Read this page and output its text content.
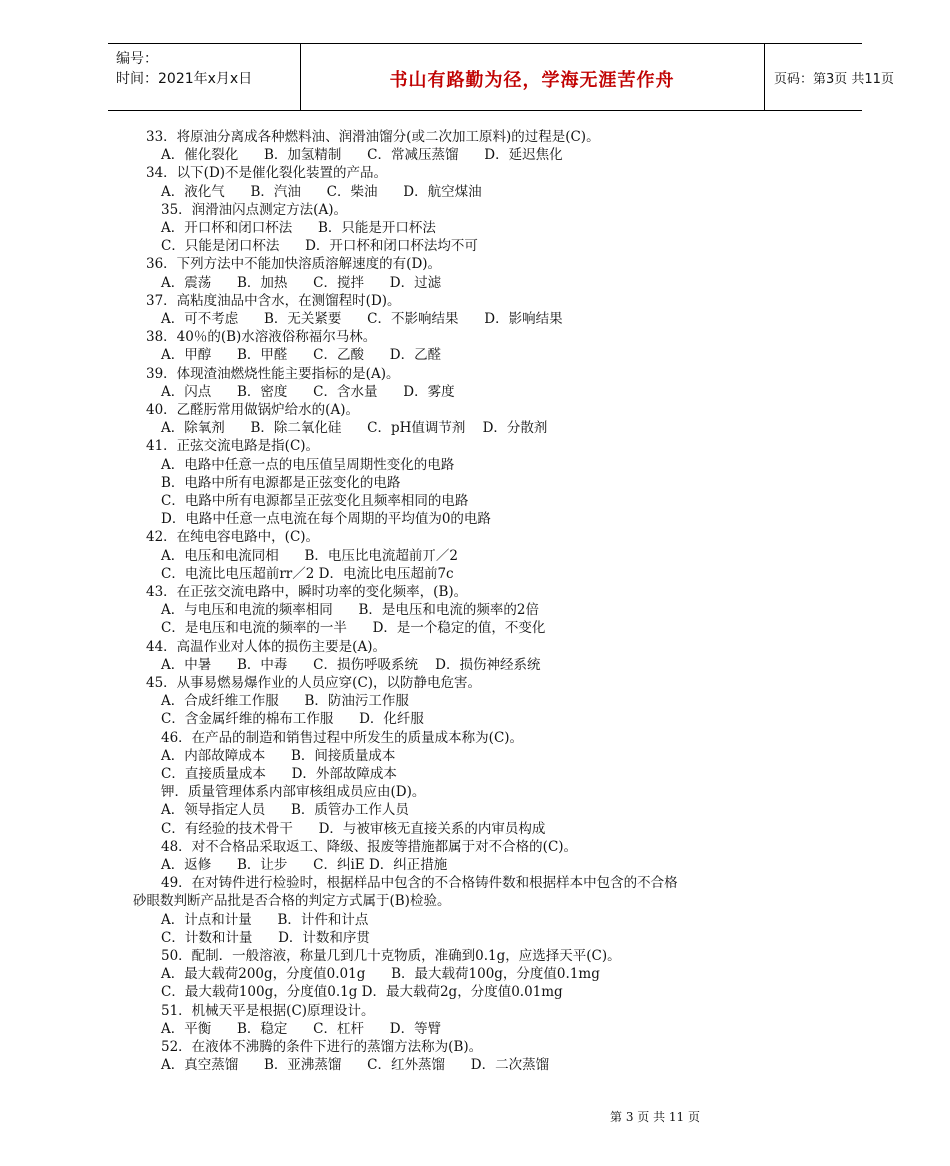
编号：
时间：2021年x月x日	书山有路勤为径，学海无涯苦作舟	页码：第3页 共11页
33．将原油分离成各种燃料油、润滑油馏分(或二次加工原料)的过程是(C)。
A．催化裂化      B．加氢精制      C．常减压蒸馏      D．延迟焦化
34．以下(D)不是催化裂化装置的产品。
A．液化气      B．汽油      C．柴油      D．航空煤油
35．润滑油闪点测定方法(A)。
A．开口杯和闭口杯法      B．只能是开口杯法
C．只能是闭口杯法      D．开口杯和闭口杯法均不可
36．下列方法中不能加快溶质溶解速度的有(D)。
A．震荡      B．加热      C．搅拌      D．过滤
37．高粘度油品中含水，在测馏程时(D)。
A．可不考虑      B．无关紧要      C．不影响结果      D．影响结果
38．40％的(B)水溶液俗称福尔马林。
A．甲醇      B．甲醛      C．乙酸      D．乙醛
39．体现渣油燃烧性能主要指标的是(A)。
A．闪点      B．密度      C．含水量      D．雾度
40．乙醛肟常用做锅炉给水的(A)。
A．除氧剂      B．除二氧化硅      C．pH值调节剂    D．分散剂
41．正弦交流电路是指(C)。
A．电路中任意一点的电压值呈周期性变化的电路
B．电路中所有电源都是正弦变化的电路
C．电路中所有电源都呈正弦变化且频率相同的电路
D．电路中任意一点电流在每个周期的平均值为0的电路
42．在纯电容电路中，(C)。
A．电压和电流同相      B．电压比电流超前丌／2
C．电流比电压超前rr／2 D．电流比电压超前7c
43．在正弦交流电路中，瞬时功率的变化频率，(B)。
A．与电压和电流的频率相同      B．是电压和电流的频率的2倍
C．是电压和电流的频率的一半      D．是一个稳定的值，不变化
44．高温作业对人体的损伤主要是(A)。
A．中暑      B．中毒      C．损伤呼吸系统    D．损伤神经系统
45．从事易燃易爆作业的人员应穿(C)，以防静电危害。
A．合成纤维工作服      B．防油污工作服
C．含金属纤维的棉布工作服      D．化纤服
46．在产品的制造和销售过程中所发生的质量成本称为(C)。
A．内部故障成本      B．间接质量成本
C．直接质量成本      D．外部故障成本
钾．质量管理体系内部审核组成员应由(D)。
A．领导指定人员      B．质管办工作人员
C．有经验的技术骨干      D．与被审核无直接关系的内审员构成
48．对不合格品采取返工、降级、报废等措施都属于对不合格的(C)。
A．返修      B．让步      C．纠iE D．纠正措施
49．在对铸件进行检验时，根据样品中包含的不合格铸件数和根据样本中包含的不合格
砂眼数判断产品批是否合格的判定方式属于(B)检验。
A．计点和计量      B．计件和计点
C．计数和计量      D．计数和序贯
50．配制．一般溶液，称量几到几十克物质，准确到0.1g，应选择天平(C)。
A．最大载荷200g，分度值0.01g      B．最大载荷100g，分度值0.1mg
C．最大载荷100g，分度值0.1g D．最大载荷2g，分度值0.01mg
51．机械天平是根据(C)原理设计。
A．平衡      B．稳定      C．杠杆      D．等臂
52．在液体不沸腾的条件下进行的蒸馏方法称为(B)。
A．真空蒸馏      B．亚沸蒸馏      C．红外蒸馏      D．二次蒸馏
第 3 页 共 11 页
